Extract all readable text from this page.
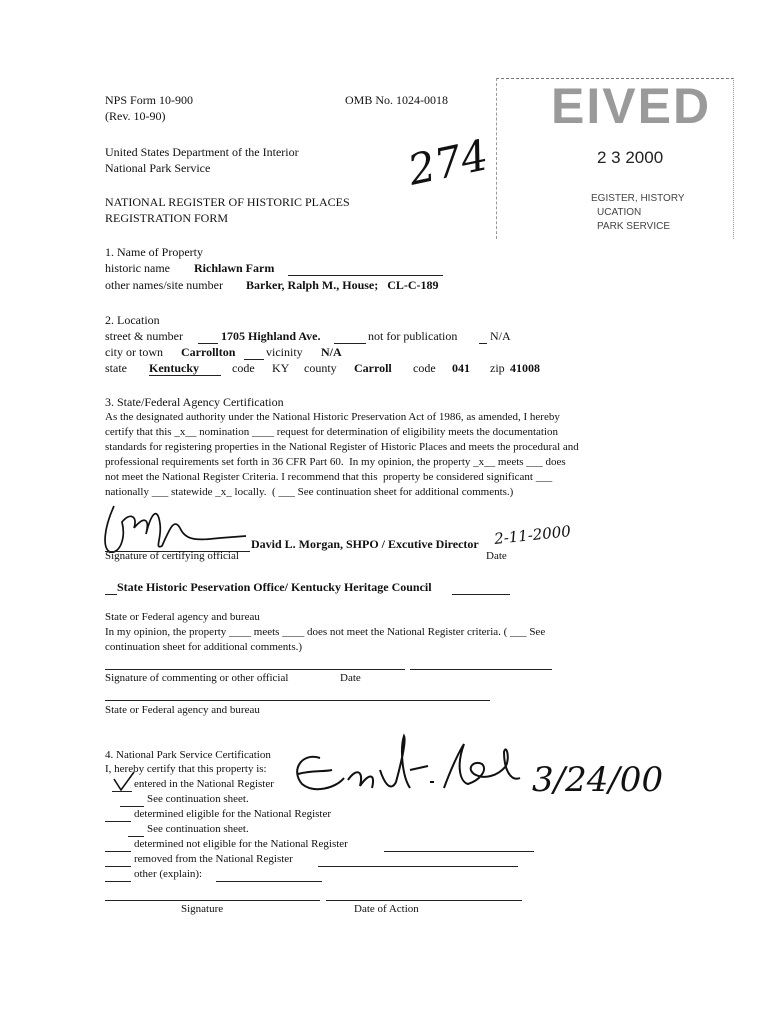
NPS Form 10-900
(Rev. 10-90)
OMB No. 1024-0018
United States Department of the Interior
National Park Service
NATIONAL REGISTER OF HISTORIC PLACES
REGISTRATION FORM
274
EIVED
2 3 2000
EGISTER, HISTORY
UCATION
PARK SERVICE
1. Name of Property
historic name Richlawn Farm
other names/site number Barker, Ralph M., House;   CL-C-189
2. Location
street & number	1705 Highland Ave.	not for publication	N/A
city or town Carrollton	vicinity N/A
state Kentucky	code KY county Carroll code 041 zip 41008
3. State/Federal Agency Certification
As the designated authority under the National Historic Preservation Act of 1986, as amended, I hereby
certify that this _x__ nomination ____ request for determination of eligibility meets the documentation
standards for registering properties in the National Register of Historic Places and meets the procedural and
professional requirements set forth in 36 CFR Part 60.  In my opinion, the property _x__ meets ___ does
not meet the National Register Criteria. I recommend that this  property be considered significant ___
nationally ___ statewide _x_ locally.  ( ___ See continuation sheet for additional comments.)
David L. Morgan, SHPO / Excutive Director 2-11-2000
Signature of certifying official	Date
State Historic Peservation Office/ Kentucky Heritage Council
State or Federal agency and bureau
In my opinion, the property ____ meets ____ does not meet the National Register criteria. ( ___ See
continuation sheet for additional comments.)
Signature of commenting or other official	Date
State or Federal agency and bureau
4. National Park Service Certification
I, hereby certify that this property is:
entered in the National Register
See continuation sheet.
determined eligible for the National Register
See continuation sheet.
determined not eligible for the National Register
removed from the National Register
other (explain):
3/24/00
Signature	Date of Action
